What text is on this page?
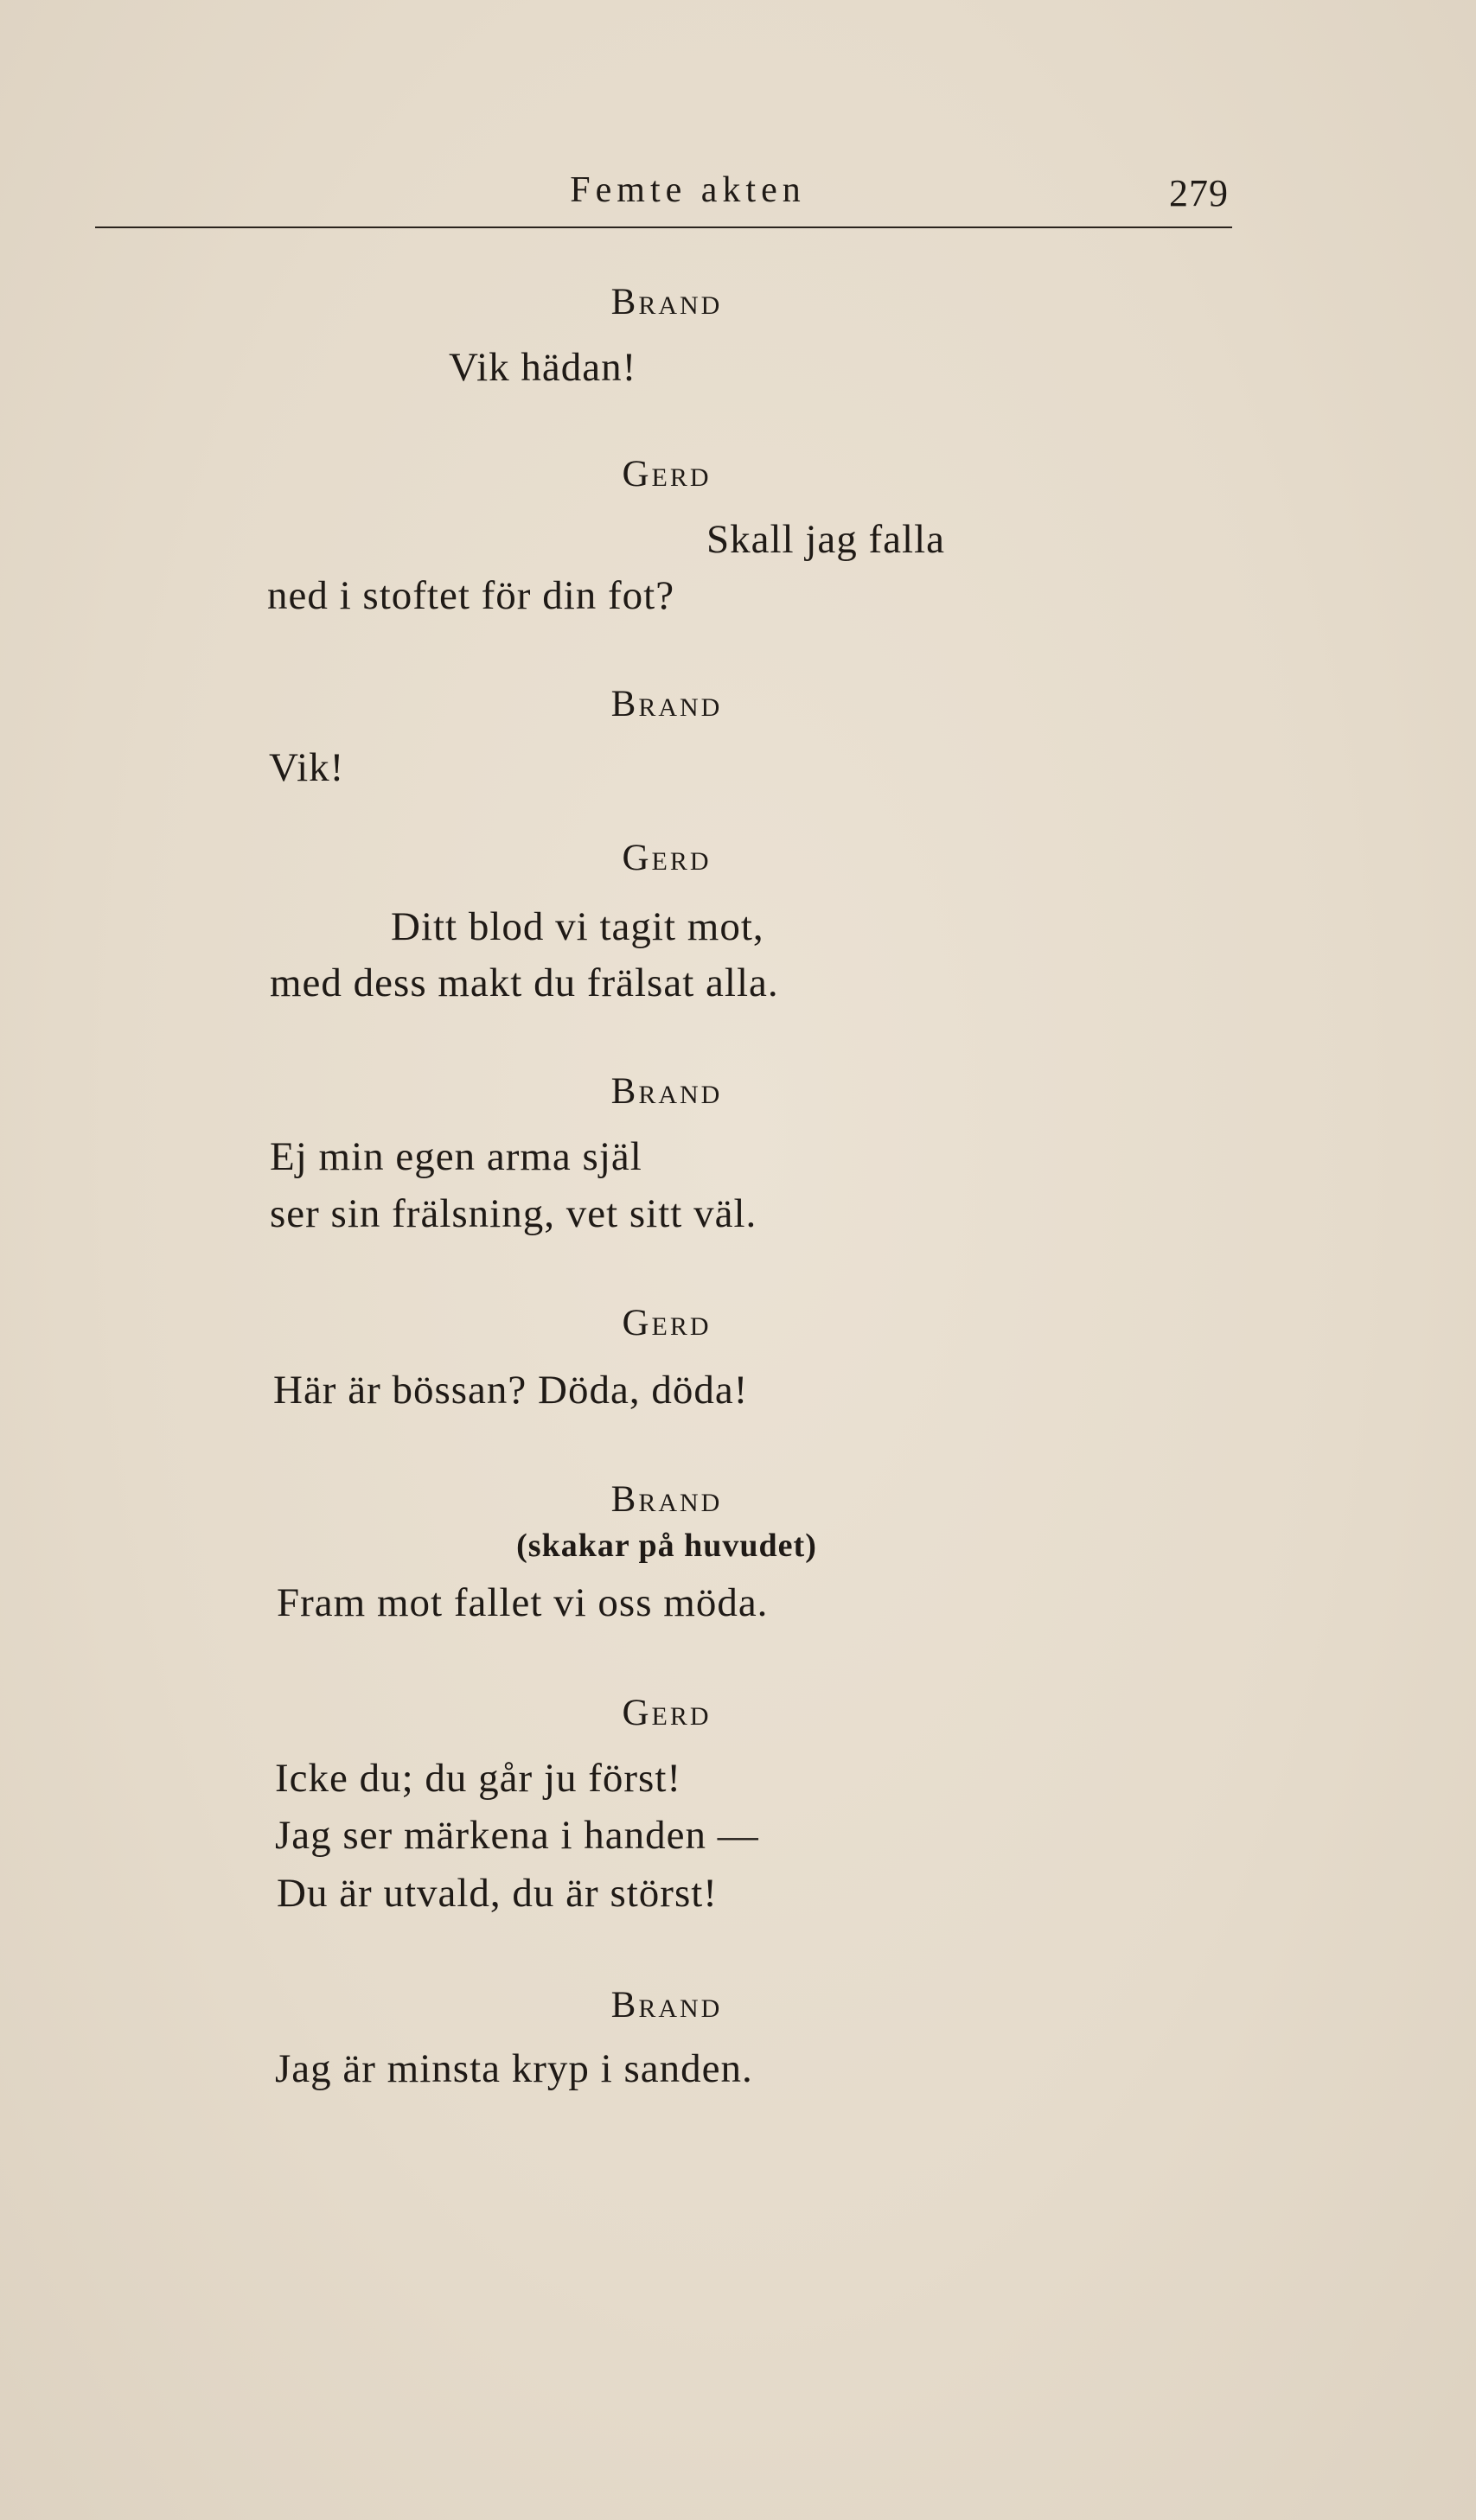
Femte akten	279
Brand
Vik hädan!
Gerd
Skall jag falla
ned i stoftet för din fot?
Brand
Vik!
Gerd
Ditt blod vi tagit mot,
med dess makt du frälsat alla.
Brand
Ej min egen arma själ
ser sin frälsning, vet sitt väl.
Gerd
Här är bössan? Döda, döda!
Brand
(skakar på huvudet)
Fram mot fallet vi oss möda.
Gerd
Icke du; du går ju först!
Jag ser märkena i handen —
Du är utvald, du är störst!
Brand
Jag är minsta kryp i sanden.
